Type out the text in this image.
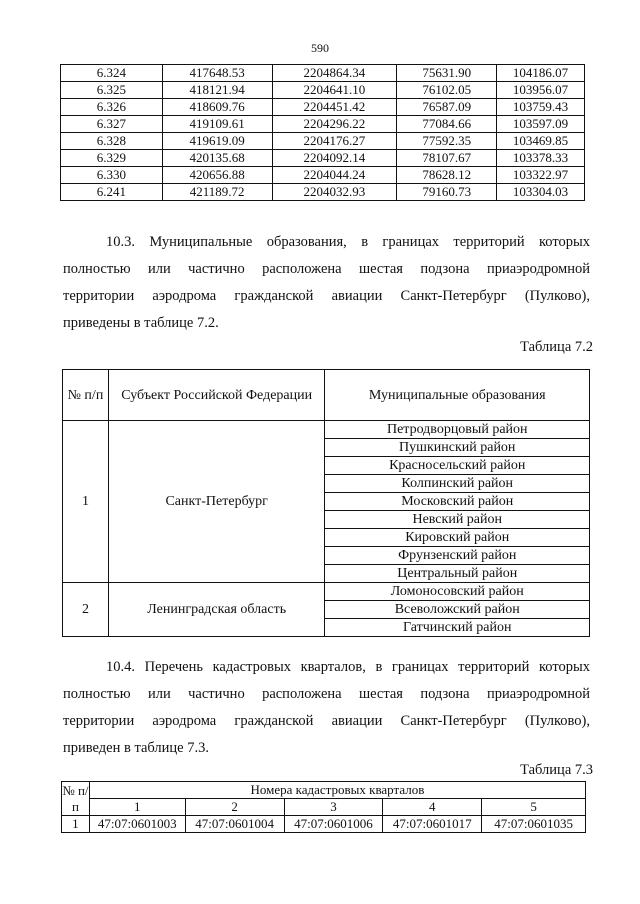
590
6.324	417648.53	2204864.34	75631.90	104186.07
6.325	418121.94	2204641.10	76102.05	103956.07
6.326	418609.76	2204451.42	76587.09	103759.43
6.327	419109.61	2204296.22	77084.66	103597.09
6.328	419619.09	2204176.27	77592.35	103469.85
6.329	420135.68	2204092.14	78107.67	103378.33
6.330	420656.88	2204044.24	78628.12	103322.97
6.241	421189.72	2204032.93	79160.73	103304.03
10.3. Муниципальные образования, в границах территорий которых
полностью или частично расположена шестая подзона приаэродромной
территории аэродрома гражданской авиации Санкт-Петербург (Пулково),
приведены в таблице 7.2.
Таблица 7.2
№ п/п	Субъект Российской Федерации	Муниципальные образования
1	Санкт-Петербург	Петродворцовый район
		Пушкинский район
		Красносельский район
		Колпинский район
		Московский район
		Невский район
		Кировский район
		Фрунзенский район
		Центральный район
2	Ленинградская область	Ломоносовский район
		Всеволожский район
		Гатчинский район
10.4. Перечень кадастровых кварталов, в границах территорий которых
полностью или частично расположена шестая подзона приаэродромной
территории аэродрома гражданской авиации Санкт-Петербург (Пулково),
приведен в таблице 7.3.
Таблица 7.3
№ п/п	Номера кадастровых кварталов				
	1	2	3	4	5
1	47:07:0601003	47:07:0601004	47:07:0601006	47:07:0601017	47:07:0601035
